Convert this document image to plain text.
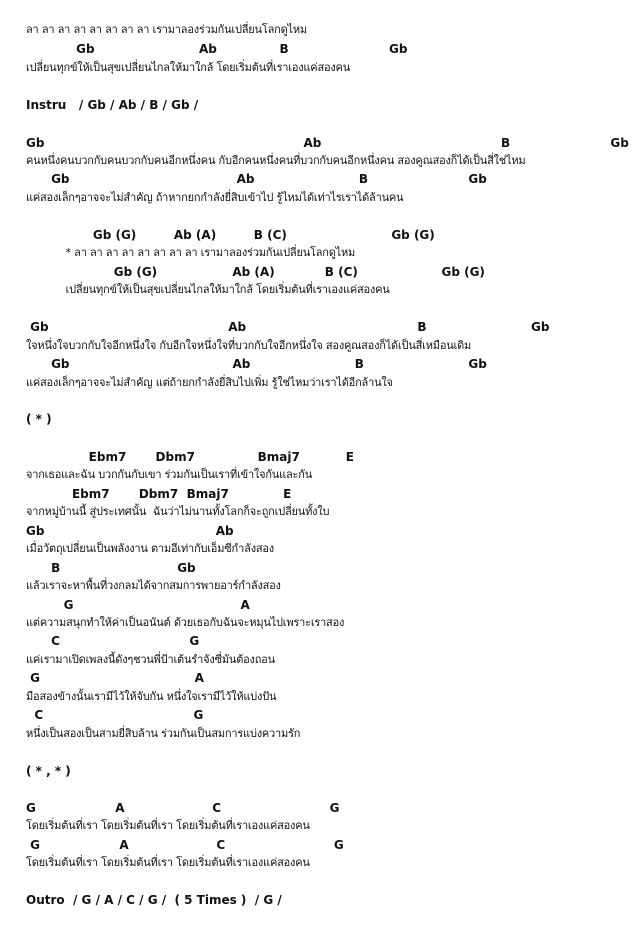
ลา ลา ลา ลา ลา ลา ลา ลา เรามาลองร่วมกันเปลี่ยนโลกดูไหม
Gb                         Ab               B                        Gb
เปลี่ยนทุกข์ให้เป็นสุขเปลี่ยนไกลให้มาใกล้ โดยเริ่มต้นที่เราเองแค่สองคน
Instru   / Gb / Ab / B / Gb /
Gb                                                              Ab                                           B                        Gb
คนหนึ่งคนบวกกับคนบวกกับคนอีกหนึ่งคน กับอีกคนหนึ่งคนที่บวกกับคนอีกหนึ่งคน สองคูณสองก็ได้เป็นสี่ใช่ไหม
Gb                                        Ab                         B                        Gb
แค่สองเล็กๆอาจจะไม่สำคัญ ถ้าหากยกกำลังยี่สิบเข้าไป รู้ไหมได้เท่าไรเราได้ล้านคน
Gb (G)         Ab (A)         B (C)                         Gb (G)
* ลา ลา ลา ลา ลา ลา ลา ลา เรามาลองร่วมกันเปลี่ยนโลกดูไหม
Gb (G)                  Ab (A)            B (C)                    Gb (G)
เปลี่ยนทุกข์ให้เป็นสุขเปลี่ยนไกลให้มาใกล้ โดยเริ่มต้นที่เราเองแค่สองคน
Gb                                           Ab                                         B                         Gb
ใจหนึ่งใจบวกกับใจอีกหนึ่งใจ กับอีกใจหนึ่งใจที่บวกกับใจอีกหนึ่งใจ สองคูณสองก็ได้เป็นสี่เหมือนเดิม
Gb                                       Ab                         B                         Gb
แค่สองเล็กๆอาจจะไม่สำคัญ แต่ถ้ายกกำลังยี่สิบไปเพิ่ม รู้ใช่ไหมว่าเราได้อีกล้านใจ
( * )
Ebm7       Dbm7               Bmaj7           E
จากเธอและฉัน บวกกันกับเขา ร่วมกันเป็นเราที่เข้าใจกันและกัน
Ebm7       Dbm7  Bmaj7             E
จากหมู่บ้านนี้ สู่ประเทศนั้น  ฉันว่าไม่นานทั้งโลกก็จะถูกเปลี่ยนทั้งใบ
Gb                                         Ab
เมื่อวัตถุเปลี่ยนเป็นพลังงาน ตามอีเท่ากับเอ็มซีกำลังสอง
B                            Gb
แล้วเราจะหาพื้นที่วงกลมได้จากสมการพายอาร์กำลังสอง
G                                        A
แต่ความสนุกทำให้ค่าเป็นอนันต์ ด้วยเธอกับฉันจะหมุนไปเพราะเราสอง
C                               G
แค่เรามาเปิดเพลงนี้ดังๆชวนพี่ป้าเต้นรำจังซี่มันต้องถอน
G                                     A
มือสองข้างนั้นเรามีไว้ให้จับกัน หนึ่งใจเรามีไว้ให้แบ่งปัน
C                                    G
หนึ่งเป็นสองเป็นสามยี่สิบล้าน ร่วมกันเป็นสมการแบ่งความรัก
( * , * )
G                   A                     C                          G
โดยเริ่มต้นที่เรา โดยเริ่มต้นที่เรา โดยเริ่มต้นที่เราเองแค่สองคน
G                   A                     C                          G
โดยเริ่มต้นที่เรา โดยเริ่มต้นที่เรา โดยเริ่มต้นที่เราเองแค่สองคน
Outro  / G / A / C / G /  ( 5 Times )  / G /
